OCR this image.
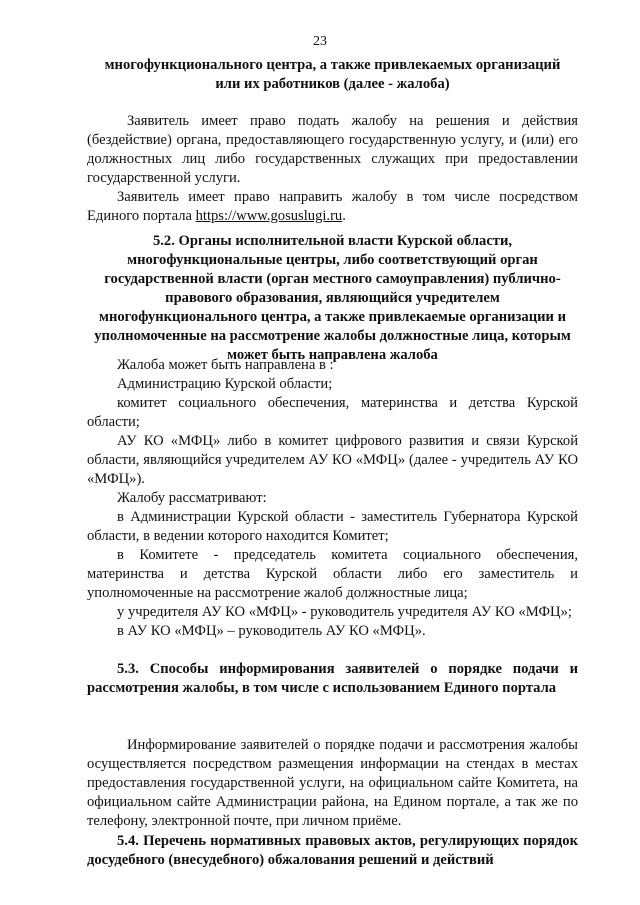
23
многофункционального центра, а также привлекаемых организаций
или их работников (далее - жалоба)

Заявитель имеет право подать жалобу на решения и действия (бездействие) органа, предоставляющего государственную услугу, и (или) его должностных лиц либо государственных служащих при предоставлении государственной услуги.

Заявитель имеет право направить жалобу в том числе посредством Единого портала https://www.gosuslugi.ru.

5.2. Органы исполнительной власти Курской области, многофункциональные центры, либо соответствующий орган государственной власти (орган местного самоуправления) публично-правового образования, являющийся учредителем многофункционального центра, а также привлекаемые организации и уполномоченные на рассмотрение жалобы должностные лица, которым может быть направлена жалоба

Жалоба может быть направлена в :

Администрацию Курской области;

комитет социального обеспечения, материнства и детства Курской области;

АУ КО «МФЦ» либо в комитет цифрового развития и связи Курской области, являющийся учредителем АУ КО «МФЦ» (далее - учредитель АУ КО «МФЦ»).

Жалобу рассматривают:

в Администрации Курской области - заместитель Губернатора Курской области, в ведении которого находится Комитет;

в Комитете - председатель комитета социального обеспечения, материнства и детства Курской области либо его заместитель и уполномоченные на рассмотрение жалоб должностные лица;

у учредителя АУ КО «МФЦ» - руководитель учредителя АУ КО «МФЦ»;

в АУ КО «МФЦ» – руководитель АУ КО «МФЦ».

5.3. Способы информирования заявителей о порядке подачи и рассмотрения жалобы, в том числе с использованием Единого портала

Информирование заявителей о порядке подачи и рассмотрения жалобы осуществляется посредством размещения информации на стендах в местах предоставления государственной услуги, на официальном сайте Комитета, на официальном сайте Администрации района, на Едином портале, а так же по телефону, электронной почте, при личном приёме.

5.4. Перечень нормативных правовых актов, регулирующих порядок досудебного (внесудебного) обжалования решений и действий
